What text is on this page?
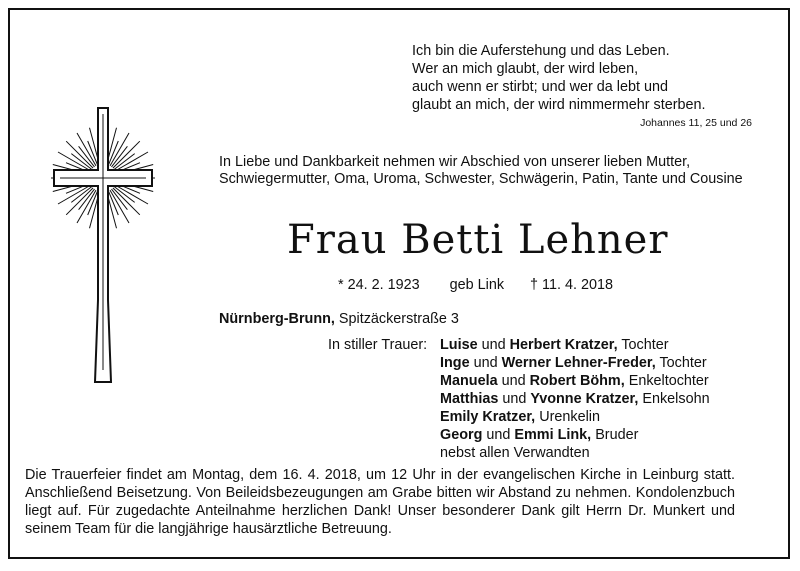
Ich bin die Auferstehung und das Leben.
Wer an mich glaubt, der wird leben,
auch wenn er stirbt; und wer da lebt und
glaubt an mich, der wird nimmermehr sterben.
Johannes 11, 25 und 26
In Liebe und Dankbarkeit nehmen wir Abschied von unserer lieben Mutter, Schwiegermutter, Oma, Uroma, Schwester, Schwägerin, Patin, Tante und Cousine
Frau Betti Lehner
* 24. 2. 1923 geb Link † 11. 4. 2018
Nürnberg-Brunn, Spitzäckerstraße 3
In stiller Trauer: Luise und Herbert Kratzer, Tochter
Inge und Werner Lehner-Freder, Tochter
Manuela und Robert Böhm, Enkeltochter
Matthias und Yvonne Kratzer, Enkelsohn
Emily Kratzer, Urenkelin
Georg und Emmi Link, Bruder
nebst allen Verwandten
Die Trauerfeier findet am Montag, dem 16. 4. 2018, um 12 Uhr in der evangelischen Kirche in Leinburg statt. Anschließend Beisetzung. Von Beileidsbezeugungen am Grabe bitten wir Abstand zu nehmen. Kondolenzbuch liegt auf. Für zugedachte Anteilnahme herzlichen Dank! Unser besonderer Dank gilt Herrn Dr. Munkert und seinem Team für die langjährige hausärztliche Betreuung.
